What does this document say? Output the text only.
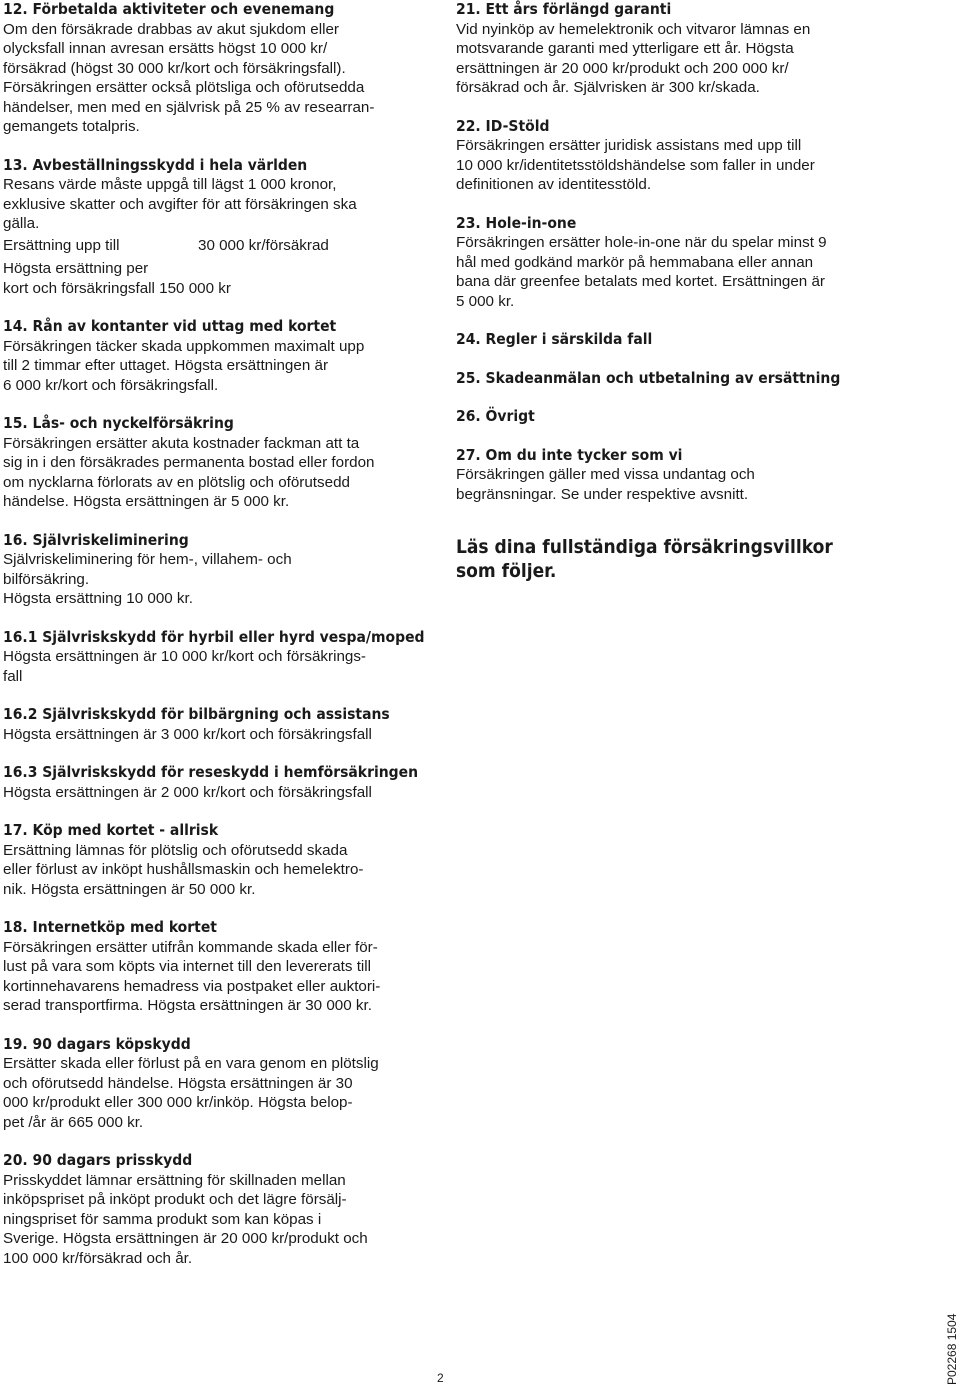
12. Förbetalda aktiviteter och evenemang

Om den försäkrade drabbas av akut sjukdom eller
olycksfall innan avresan ersätts högst 10 000 kr/
försäkrad (högst 30 000 kr/kort och försäkringsfall).
Försäkringen ersätter också plötsliga och oförutsedda
händelser, men med en självrisk på 25 % av researran-
gemangets totalpris.

13. Avbeställningsskydd i hela världen

Resans värde måste uppgå till lägst 1 000 kronor,
exklusive skatter och avgifter för att försäkringen ska
gälla.

Ersättning upp till	30 000 kr/försäkrad

Högsta ersättning per
kort och försäkringsfall 150 000 kr

14. Rån av kontanter vid uttag med kortet

Försäkringen täcker skada uppkommen maximalt upp
till 2 timmar efter uttaget. Högsta ersättningen är
6 000 kr/kort och försäkringsfall.

15. Lås- och nyckelförsäkring

Försäkringen ersätter akuta kostnader fackman att ta
sig in i den försäkrades permanenta bostad eller fordon
om nycklarna förlorats av en plötslig och oförutsedd
händelse. Högsta ersättningen är 5 000 kr.

16. Självriskeliminering

Självriskeliminering för hem-, villahem- och
bilförsäkring.
Högsta ersättning 10 000 kr.

16.1 Självriskskydd för hyrbil eller hyrd vespa/moped

Högsta ersättningen är 10 000 kr/kort och försäkrings-
fall

16.2 Självriskskydd för bilbärgning och assistans

Högsta ersättningen är 3 000 kr/kort och försäkringsfall

16.3 Självriskskydd för reseskydd i hemförsäkringen

Högsta ersättningen är 2 000 kr/kort och försäkringsfall

17. Köp med kortet - allrisk

Ersättning lämnas för plötslig och oförutsedd skada
eller förlust av inköpt hushållsmaskin och hemelektro-
nik. Högsta ersättningen är 50 000 kr.

18. Internetköp med kortet

Försäkringen ersätter utifrån kommande skada eller för-
lust på vara som köpts via internet till den levererats till
kortinnehavarens hemadress via postpaket eller auktori-
serad transportfirma. Högsta ersättningen är 30 000 kr.

19. 90 dagars köpskydd

Ersätter skada eller förlust på en vara genom en plötslig
och oförutsedd händelse. Högsta ersättningen är 30
000 kr/produkt eller 300 000 kr/inköp. Högsta belop-
pet /år är 665 000 kr.

20. 90 dagars prisskydd

Prisskyddet lämnar ersättning för skillnaden mellan
inköpspriset på inköpt produkt och det lägre försälj-
ningspriset för samma produkt som kan köpas i
Sverige. Högsta ersättningen är 20 000 kr/produkt och
100 000 kr/försäkrad och år.

21. Ett års förlängd garanti

Vid nyinköp av hemelektronik och vitvaror lämnas en
motsvarande garanti med ytterligare ett år. Högsta
ersättningen är 20 000 kr/produkt och 200 000 kr/
försäkrad och år. Självrisken är 300 kr/skada.

22. ID-Stöld

Försäkringen ersätter juridisk assistans med upp till
10 000 kr/identitetsstöldshändelse som faller in under
definitionen av identitesstöld.

23. Hole-in-one

Försäkringen ersätter hole-in-one när du spelar minst 9
hål med godkänd markör på hemmabana eller annan
bana där greenfee betalats med kortet. Ersättningen är
5 000 kr.

24. Regler i särskilda fall
25. Skadeanmälan och utbetalning av ersättning
26. Övrigt
27. Om du inte tycker som vi

Försäkringen gäller med vissa undantag och
begränsningar. Se under respektive avsnitt.

Läs dina fullständiga försäkringsvillkor
som följer.

2	P02268 1504
